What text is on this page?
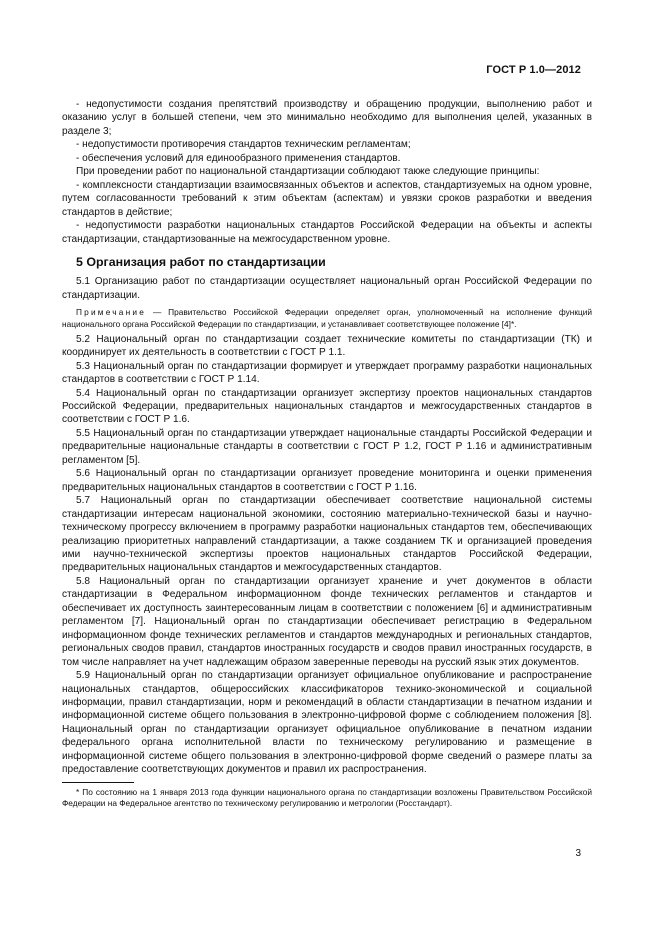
ГОСТ Р 1.0—2012

- недопустимости создания препятствий производству и обращению продукции, выполнению работ и оказанию услуг в большей степени, чем это минимально необходимо для выполнения целей, указанных в разделе 3;

- недопустимости противоречия стандартов техническим регламентам;

- обеспечения условий для единообразного применения стандартов.

При проведении работ по национальной стандартизации соблюдают также следующие принципы:

- комплексности стандартизации взаимосвязанных объектов и аспектов, стандартизуемых на одном уровне, путем согласованности требований к этим объектам (аспектам) и увязки сроков разработки и введения стандартов в действие;

- недопустимости разработки национальных стандартов Российской Федерации на объекты и аспекты стандартизации, стандартизованные на межгосударственном уровне.

5 Организация работ по стандартизации

5.1 Организацию работ по стандартизации осуществляет национальный орган Российской Федерации по стандартизации.

Примечание — Правительство Российской Федерации определяет орган, уполномоченный на исполнение функций национального органа Российской Федерации по стандартизации, и устанавливает соответствующее положение [4]*.

5.2 Национальный орган по стандартизации создает технические комитеты по стандартизации (ТК) и координирует их деятельность в соответствии с ГОСТ Р 1.1.

5.3 Национальный орган по стандартизации формирует и утверждает программу разработки национальных стандартов в соответствии с ГОСТ Р 1.14.

5.4 Национальный орган по стандартизации организует экспертизу проектов национальных стандартов Российской Федерации, предварительных национальных стандартов и межгосударственных стандартов в соответствии с ГОСТ Р 1.6.

5.5 Национальный орган по стандартизации утверждает национальные стандарты Российской Федерации и предварительные национальные стандарты в соответствии с ГОСТ Р 1.2, ГОСТ Р 1.16 и административным регламентом [5].

5.6 Национальный орган по стандартизации организует проведение мониторинга и оценки применения предварительных национальных стандартов в соответствии с ГОСТ Р 1.16.

5.7 Национальный орган по стандартизации обеспечивает соответствие национальной системы стандартизации интересам национальной экономики, состоянию материально-технической базы и научно-техническому прогрессу включением в программу разработки национальных стандартов тем, обеспечивающих реализацию приоритетных направлений стандартизации, а также созданием ТК и организацией проведения ими научно-технической экспертизы проектов национальных стандартов Российской Федерации, предварительных национальных стандартов и межгосударственных стандартов.

5.8 Национальный орган по стандартизации организует хранение и учет документов в области стандартизации в Федеральном информационном фонде технических регламентов и стандартов и обеспечивает их доступность заинтересованным лицам в соответствии с положением [6] и административным регламентом [7]. Национальный орган по стандартизации обеспечивает регистрацию в Федеральном информационном фонде технических регламентов и стандартов международных и региональных стандартов, региональных сводов правил, стандартов иностранных государств и сводов правил иностранных государств, в том числе направляет на учет надлежащим образом заверенные переводы на русский язык этих документов.

5.9 Национальный орган по стандартизации организует официальное опубликование и распространение национальных стандартов, общероссийских классификаторов технико-экономической и социальной информации, правил стандартизации, норм и рекомендаций в области стандартизации в печатном издании и информационной системе общего пользования в электронно-цифровой форме с соблюдением положения [8]. Национальный орган по стандартизации организует официальное опубликование в печатном издании федерального органа исполнительной власти по техническому регулированию и размещение в информационной системе общего пользования в электронно-цифровой форме сведений о размере платы за предоставление соответствующих документов и правил их распространения.

* По состоянию на 1 января 2013 года функции национального органа по стандартизации возложены Правительством Российской Федерации на Федеральное агентство по техническому регулированию и метрологии (Росстандарт).

3
